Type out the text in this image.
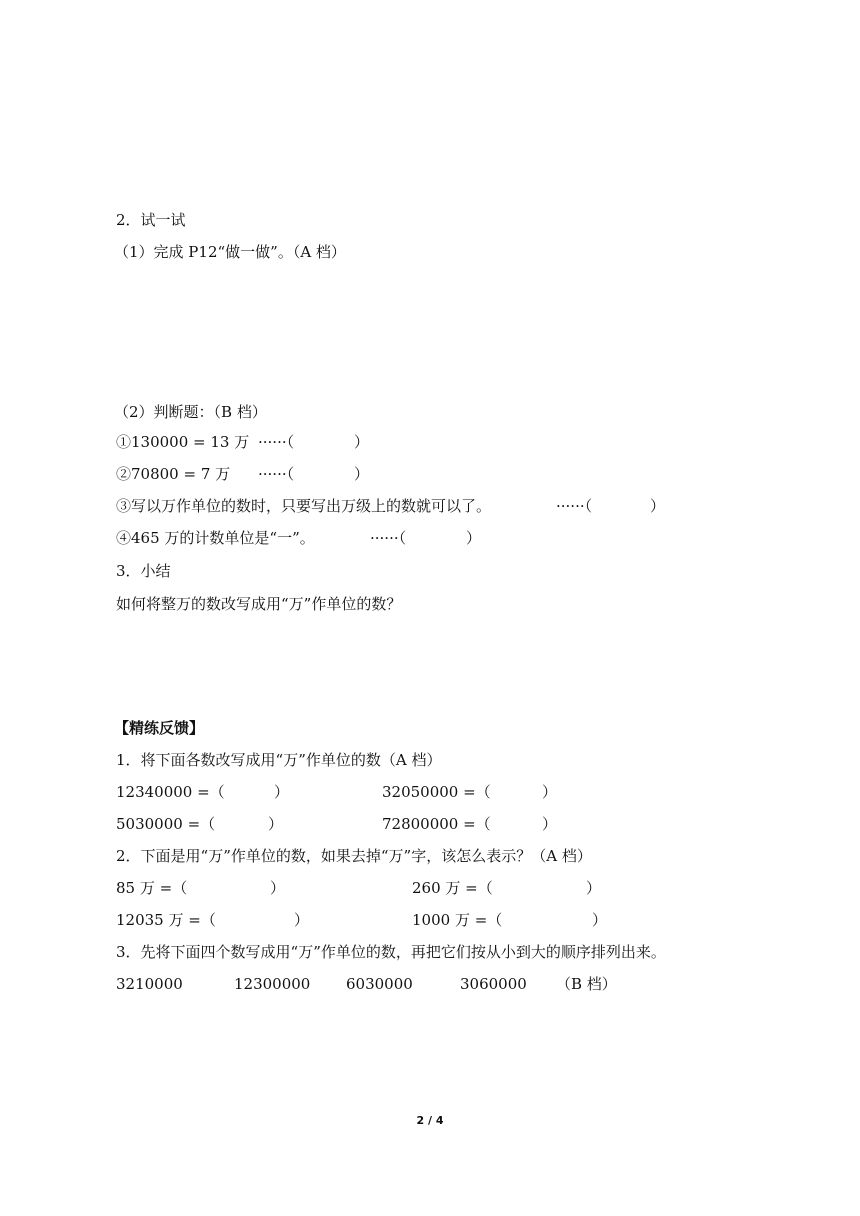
2．试一试
（1）完成 P12“做一做”。（A 档）
（2）判断题：（B 档）
①130000 = 13 万 ······（	）
②70800 = 7 万 ······（	）
③写以万作单位的数时，只要写出万级上的数就可以了。	······（	）
④465 万的计数单位是“一”。	······（	）
3．小结
如何将整万的数改写成用“万”作单位的数？
【精练反馈】
1．将下面各数改写成用“万”作单位的数（A 档）
12340000 =（	）	32050000 =（	）
5030000 =（	）	72800000 =（	）
2．下面是用“万”作单位的数，如果去掉“万”字，该怎么表示？（A 档）
85 万 =（	）	260 万 =（	）
12035 万 =（	）	1000 万 =（	）
3．先将下面四个数写成用“万”作单位的数，再把它们按从小到大的顺序排列出来。
3210000	12300000 6030000	3060000 （B 档）
2 / 4
